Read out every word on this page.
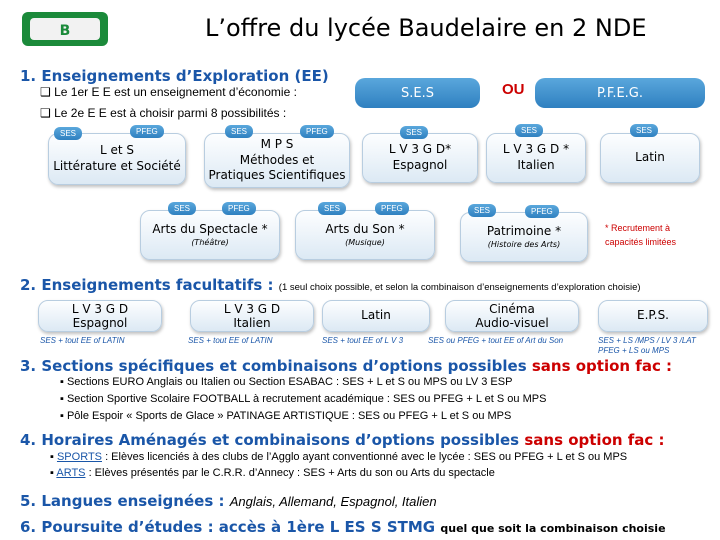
B	L’offre du lycée Baudelaire en 2 NDE
1. Enseignements d’Exploration (EE)
❑ Le 1er E E est un enseignement d’économie :	S.E.S	OU	P.F.E.G.
❑ Le 2e E E est à choisir parmi 8 possibilités :
L et S
Littérature et Société
SES	PFEG
M P S
Méthodes et
Pratiques Scientifiques
SES	PFEG
L V 3 G D*
Espagnol
SES
L V 3 G D *
Italien
SES
Latin
SES
Arts du Spectacle *
(Théâtre)
SES	PFEG
Arts du Son *
(Musique)
SES	PFEG
Patrimoine *
(Histoire des Arts)
SES	PFEG
* Recrutement à
capacités limitées
2. Enseignements facultatifs : (1 seul choix possible, et selon la combinaison d’enseignements d’exploration choisie)
L V 3 G D
Espagnol
SES + tout EE of LATIN
L V 3 G D
Italien
SES + tout EE of LATIN
Latin
SES + tout EE of L V 3
Cinéma
Audio-visuel
SES ou PFEG + tout EE of Art du Son
E.P.S.
SES + LS /MPS / LV 3 /LAT
PFEG + LS ou MPS
3. Sections spécifiques et combinaisons d’options possibles sans option fac :
▪ Sections EURO Anglais ou Italien ou Section ESABAC : SES + L et S ou MPS ou LV 3 ESP
▪ Section Sportive Scolaire FOOTBALL à recrutement académique : SES ou PFEG + L et S ou MPS
▪ Pôle Espoir « Sports de Glace » PATINAGE ARTISTIQUE : SES ou PFEG + L et S ou MPS
4. Horaires Aménagés et combinaisons d’options possibles sans option fac :
▪ SPORTS : Elèves licenciés à des clubs de l’Agglo ayant conventionné avec le lycée : SES ou PFEG + L et S ou MPS
▪ ARTS : Elèves présentés par le C.R.R. d’Annecy : SES + Arts du son ou Arts du spectacle
5. Langues enseignées : Anglais, Allemand, Espagnol, Italien
6. Poursuite d’études : accès à 1ère L ES S STMG quel que soit la combinaison choisie
